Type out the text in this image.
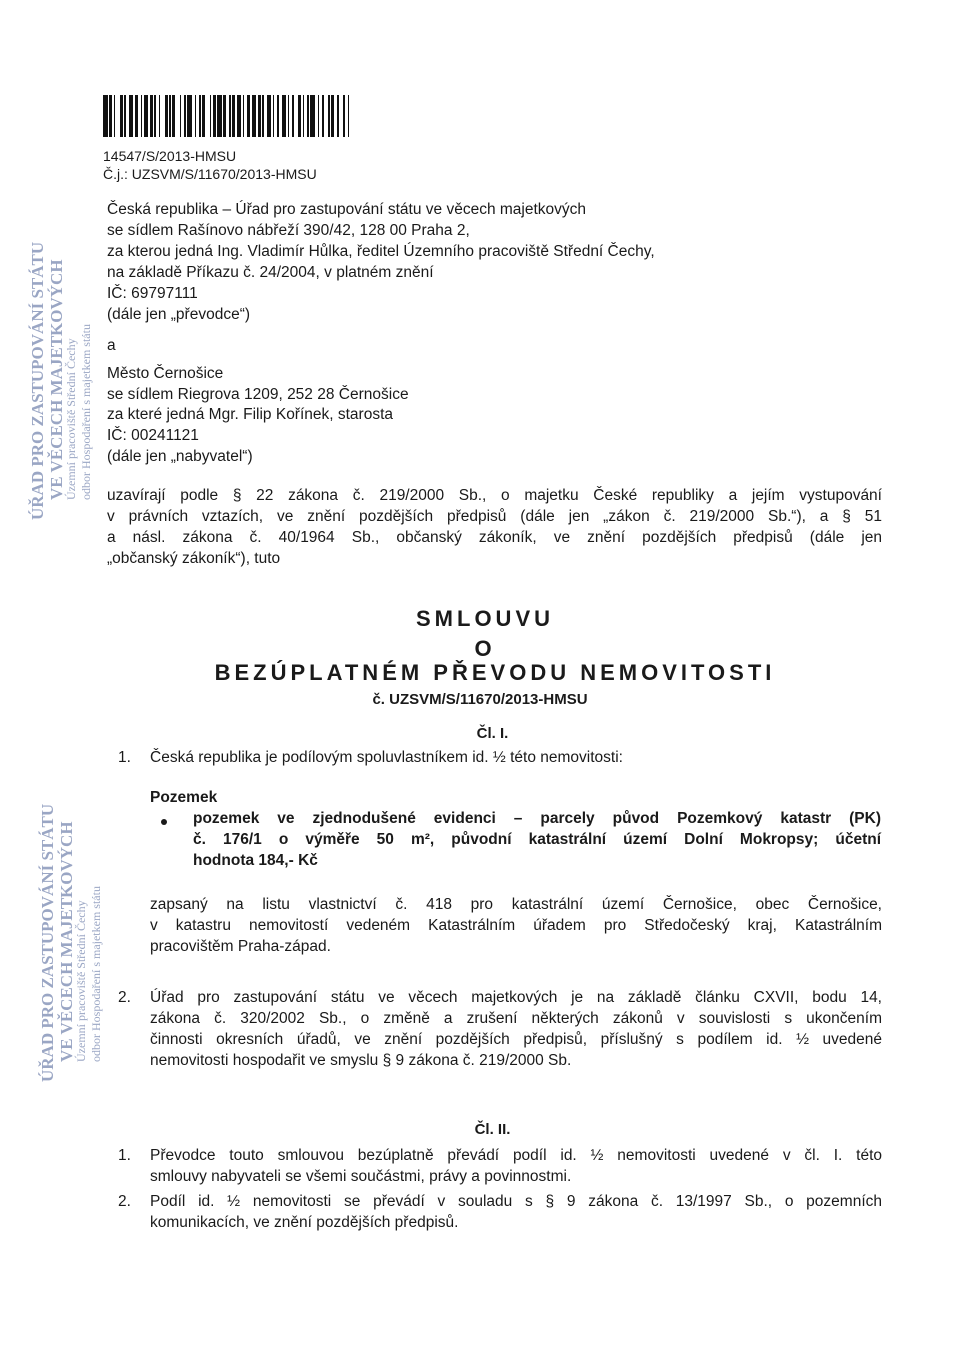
14547/S/2013-HMSU
Č.j.: UZSVM/S/11670/2013-HMSU
ÚŘAD PRO ZASTUPOVÁNÍ STÁTU VE VĚCECH MAJETKOVÝCH
Územní pracoviště Střední Čechy odbor Hospodaření s majetkem státu
ÚŘAD PRO ZASTUPOVÁNÍ STÁTU VE VĚCECH MAJETKOVÝCH
Územní pracoviště Střední Čechy odbor Hospodaření s majetkem státu
Česká republika – Úřad pro zastupování státu ve věcech majetkových
se sídlem Rašínovo nábřeží 390/42, 128 00 Praha 2,
za kterou jedná Ing. Vladimír Hůlka, ředitel Územního pracoviště Střední Čechy,
na základě Příkazu č. 24/2004, v platném znění
IČ: 69797111
(dále jen „převodce“)
a
Město Černošice
se sídlem Riegrova 1209, 252 28 Černošice
za které jedná Mgr. Filip Kořínek, starosta
IČ: 00241121
(dále jen „nabyvatel“)
uzavírají podle § 22 zákona č. 219/2000 Sb., o majetku České republiky a jejím vystupování
v právních vztazích, ve znění pozdějších předpisů (dále jen „zákon č. 219/2000 Sb.“), a § 51
a násl. zákona č. 40/1964 Sb., občanský zákoník, ve znění pozdějších předpisů (dále jen
„občanský zákoník“), tuto
SMLOUVU
O
BEZÚPLATNÉM PŘEVODU NEMOVITOSTI
č. UZSVM/S/11670/2013-HMSU
Čl. I.
1. Česká republika je podílovým spoluvlastníkem id. ½ této nemovitosti:
Pozemek
pozemek ve zjednodušené evidenci – parcely původ Pozemkový katastr (PK)
č. 176/1 o výměře 50 m², původní katastrální území Dolní Mokropsy; účetní
hodnota 184,- Kč
zapsaný na listu vlastnictví č. 418 pro katastrální území Černošice, obec Černošice,
v katastru nemovitostí vedeném Katastrálním úřadem pro Středočeský kraj, Katastrálním
pracovištěm Praha-západ.
2. Úřad pro zastupování státu ve věcech majetkových je na základě článku CXVII, bodu 14,
zákona č. 320/2002 Sb., o změně a zrušení některých zákonů v souvislosti s ukončením
činnosti okresních úřadů, ve znění pozdějších předpisů, příslušný s podílem id. ½ uvedené
nemovitosti hospodařit ve smyslu § 9 zákona č. 219/2000 Sb.
Čl. II.
1. Převodce touto smlouvou bezúplatně převádí podíl id. ½ nemovitosti uvedené v čl. I. této
smlouvy nabyvateli se všemi součástmi, právy a povinnostmi.
2. Podíl id. ½ nemovitosti se převádí v souladu s § 9 zákona č. 13/1997 Sb., o pozemních
komunikacích, ve znění pozdějších předpisů.
